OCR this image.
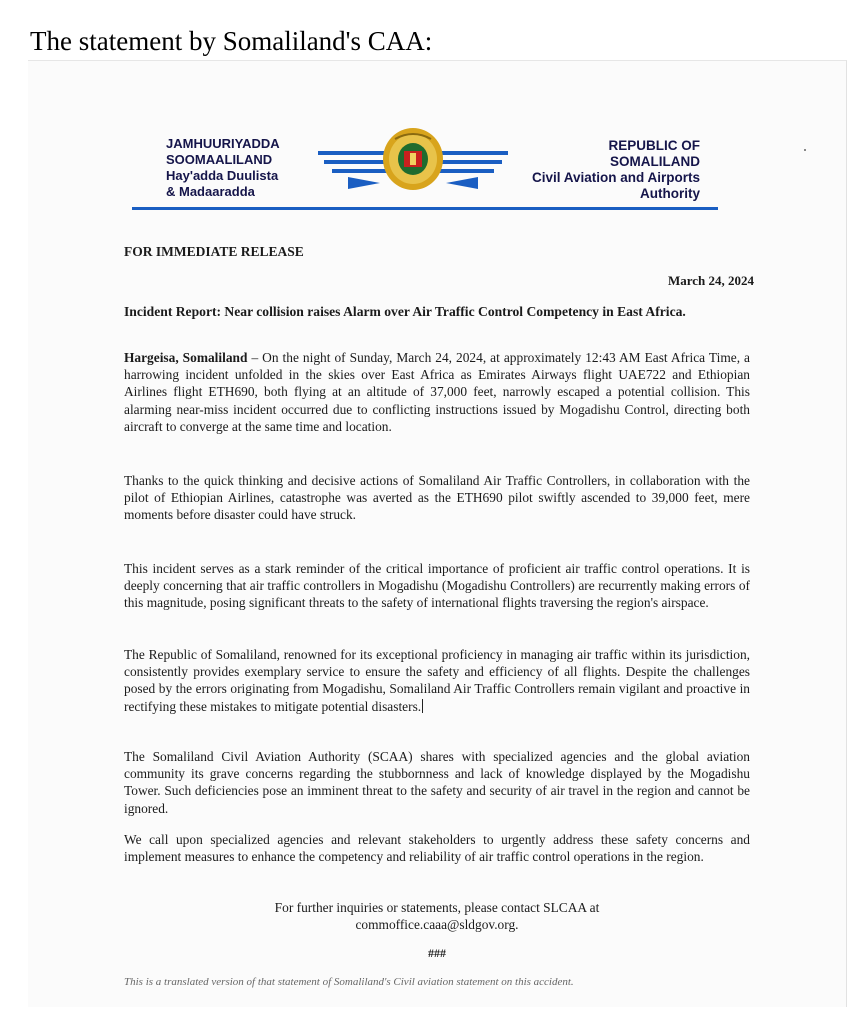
The statement by Somaliland's CAA:
JAMHUURIYADDA
SOOMAALILAND
Hay'adda Duulista
& Madaaradda
REPUBLIC OF
SOMALILAND
Civil Aviation and Airports
Authority
FOR IMMEDIATE RELEASE
March 24, 2024
Incident Report: Near collision raises Alarm over Air Traffic Control Competency in East Africa.
Hargeisa, Somaliland – On the night of Sunday, March 24, 2024, at approximately 12:43 AM East Africa Time, a harrowing incident unfolded in the skies over East Africa as Emirates Airways flight UAE722 and Ethiopian Airlines flight ETH690, both flying at an altitude of 37,000 feet, narrowly escaped a potential collision. This alarming near-miss incident occurred due to conflicting instructions issued by Mogadishu Control, directing both aircraft to converge at the same time and location.
Thanks to the quick thinking and decisive actions of Somaliland Air Traffic Controllers, in collaboration with the pilot of Ethiopian Airlines, catastrophe was averted as the ETH690 pilot swiftly ascended to 39,000 feet, mere moments before disaster could have struck.
This incident serves as a stark reminder of the critical importance of proficient air traffic control operations. It is deeply concerning that air traffic controllers in Mogadishu (Mogadishu Controllers) are recurrently making errors of this magnitude, posing significant threats to the safety of international flights traversing the region's airspace.
The Republic of Somaliland, renowned for its exceptional proficiency in managing air traffic within its jurisdiction, consistently provides exemplary service to ensure the safety and efficiency of all flights. Despite the challenges posed by the errors originating from Mogadishu, Somaliland Air Traffic Controllers remain vigilant and proactive in rectifying these mistakes to mitigate potential disasters.
The Somaliland Civil Aviation Authority (SCAA) shares with specialized agencies and the global aviation community its grave concerns regarding the stubbornness and lack of knowledge displayed by the Mogadishu Tower. Such deficiencies pose an imminent threat to the safety and security of air travel in the region and cannot be ignored.
We call upon specialized agencies and relevant stakeholders to urgently address these safety concerns and implement measures to enhance the competency and reliability of air traffic control operations in the region.
For further inquiries or statements, please contact SLCAA at
commoffice.caaa@sldgov.org.
###
This is a translated version of that statement of Somaliland's Civil aviation statement on this accident.
